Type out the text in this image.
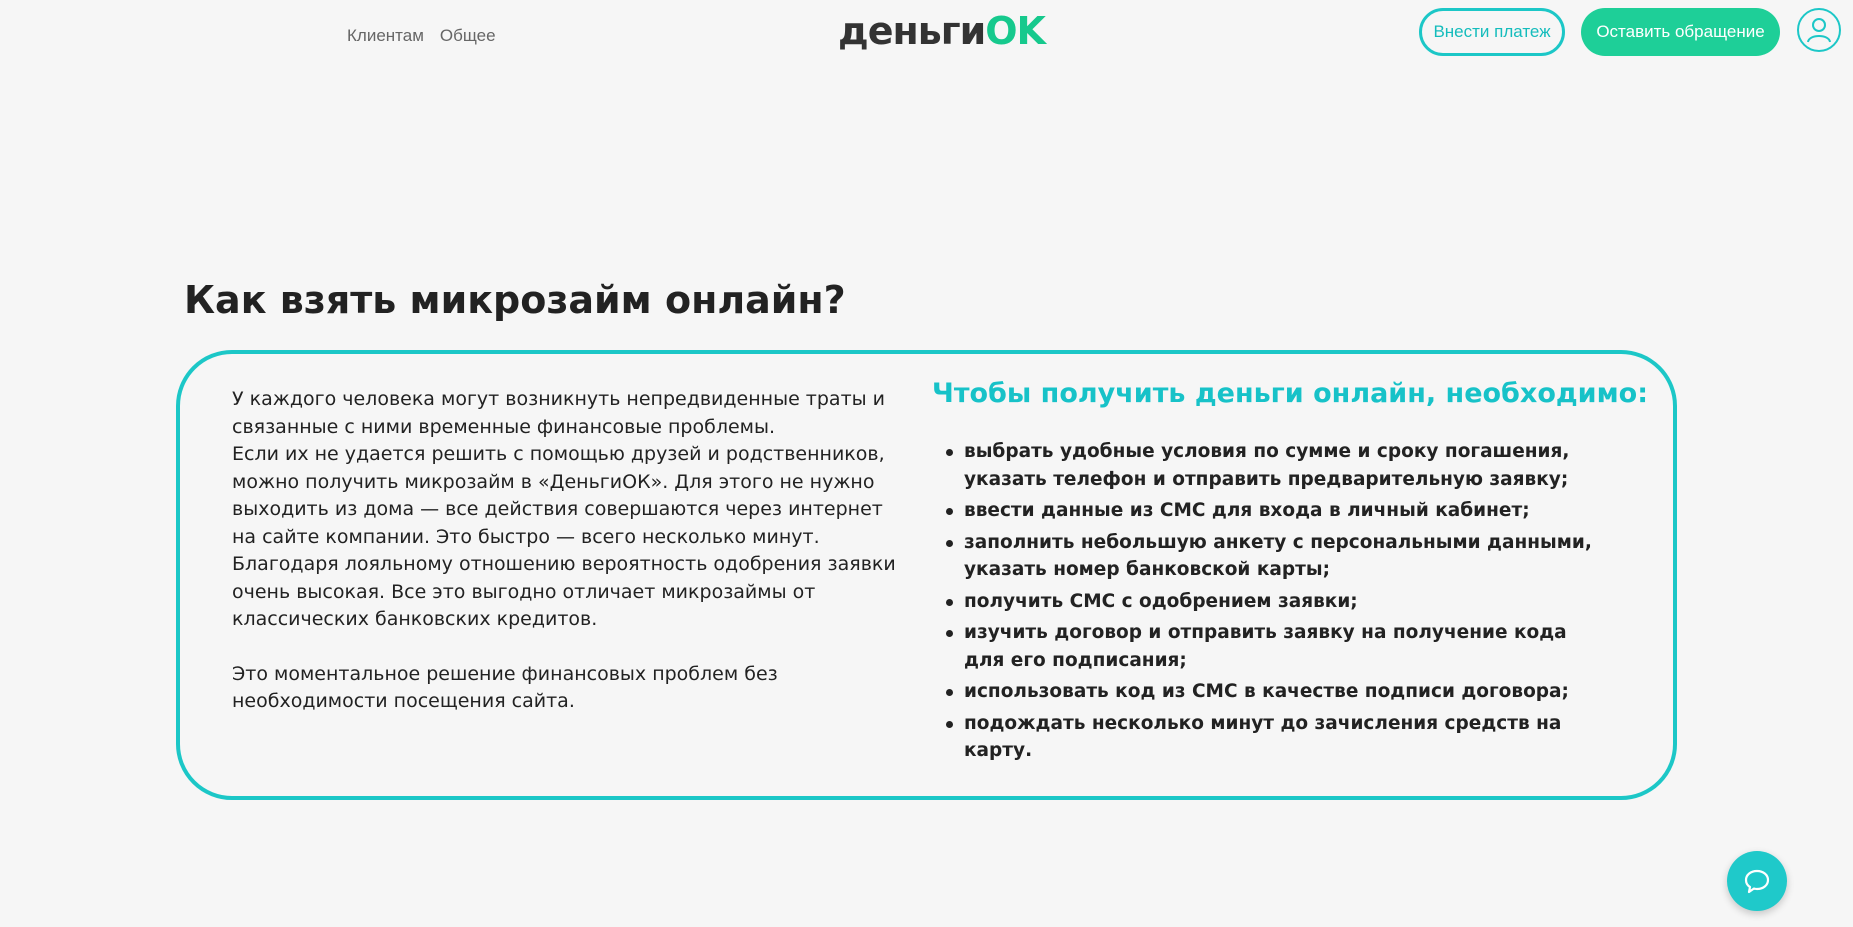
Клиентам Общее	деньги OK	Внести платеж	Оставить обращение
Как взять микрозайм онлайн?

У каждого человека могут возникнуть непредвиденные траты и связанные с ними временные финансовые проблемы.

Если их не удается решить с помощью друзей и родственников, можно получить микрозайм в «ДеньгиОК». Для этого не нужно выходить из дома — все действия совершаются через интернет на сайте компании. Это быстро — всего несколько минут. Благодаря лояльному отношению вероятность одобрения заявки очень высокая. Все это выгодно отличает микрозаймы от классических банковских кредитов.

Это моментальное решение финансовых проблем без необходимости посещения сайта.

Чтобы получить деньги онлайн, необходимо:
выбрать удобные условия по сумме и сроку погашения, указать телефон и отправить предварительную заявку;
ввести данные из СМС для входа в личный кабинет;
заполнить небольшую анкету с персональными данными, указать номер банковской карты;
получить СМС с одобрением заявки;
изучить договор и отправить заявку на получение кода для его подписания;
использовать код из СМС в качестве подписи договора;
подождать несколько минут до зачисления средств на карту.
